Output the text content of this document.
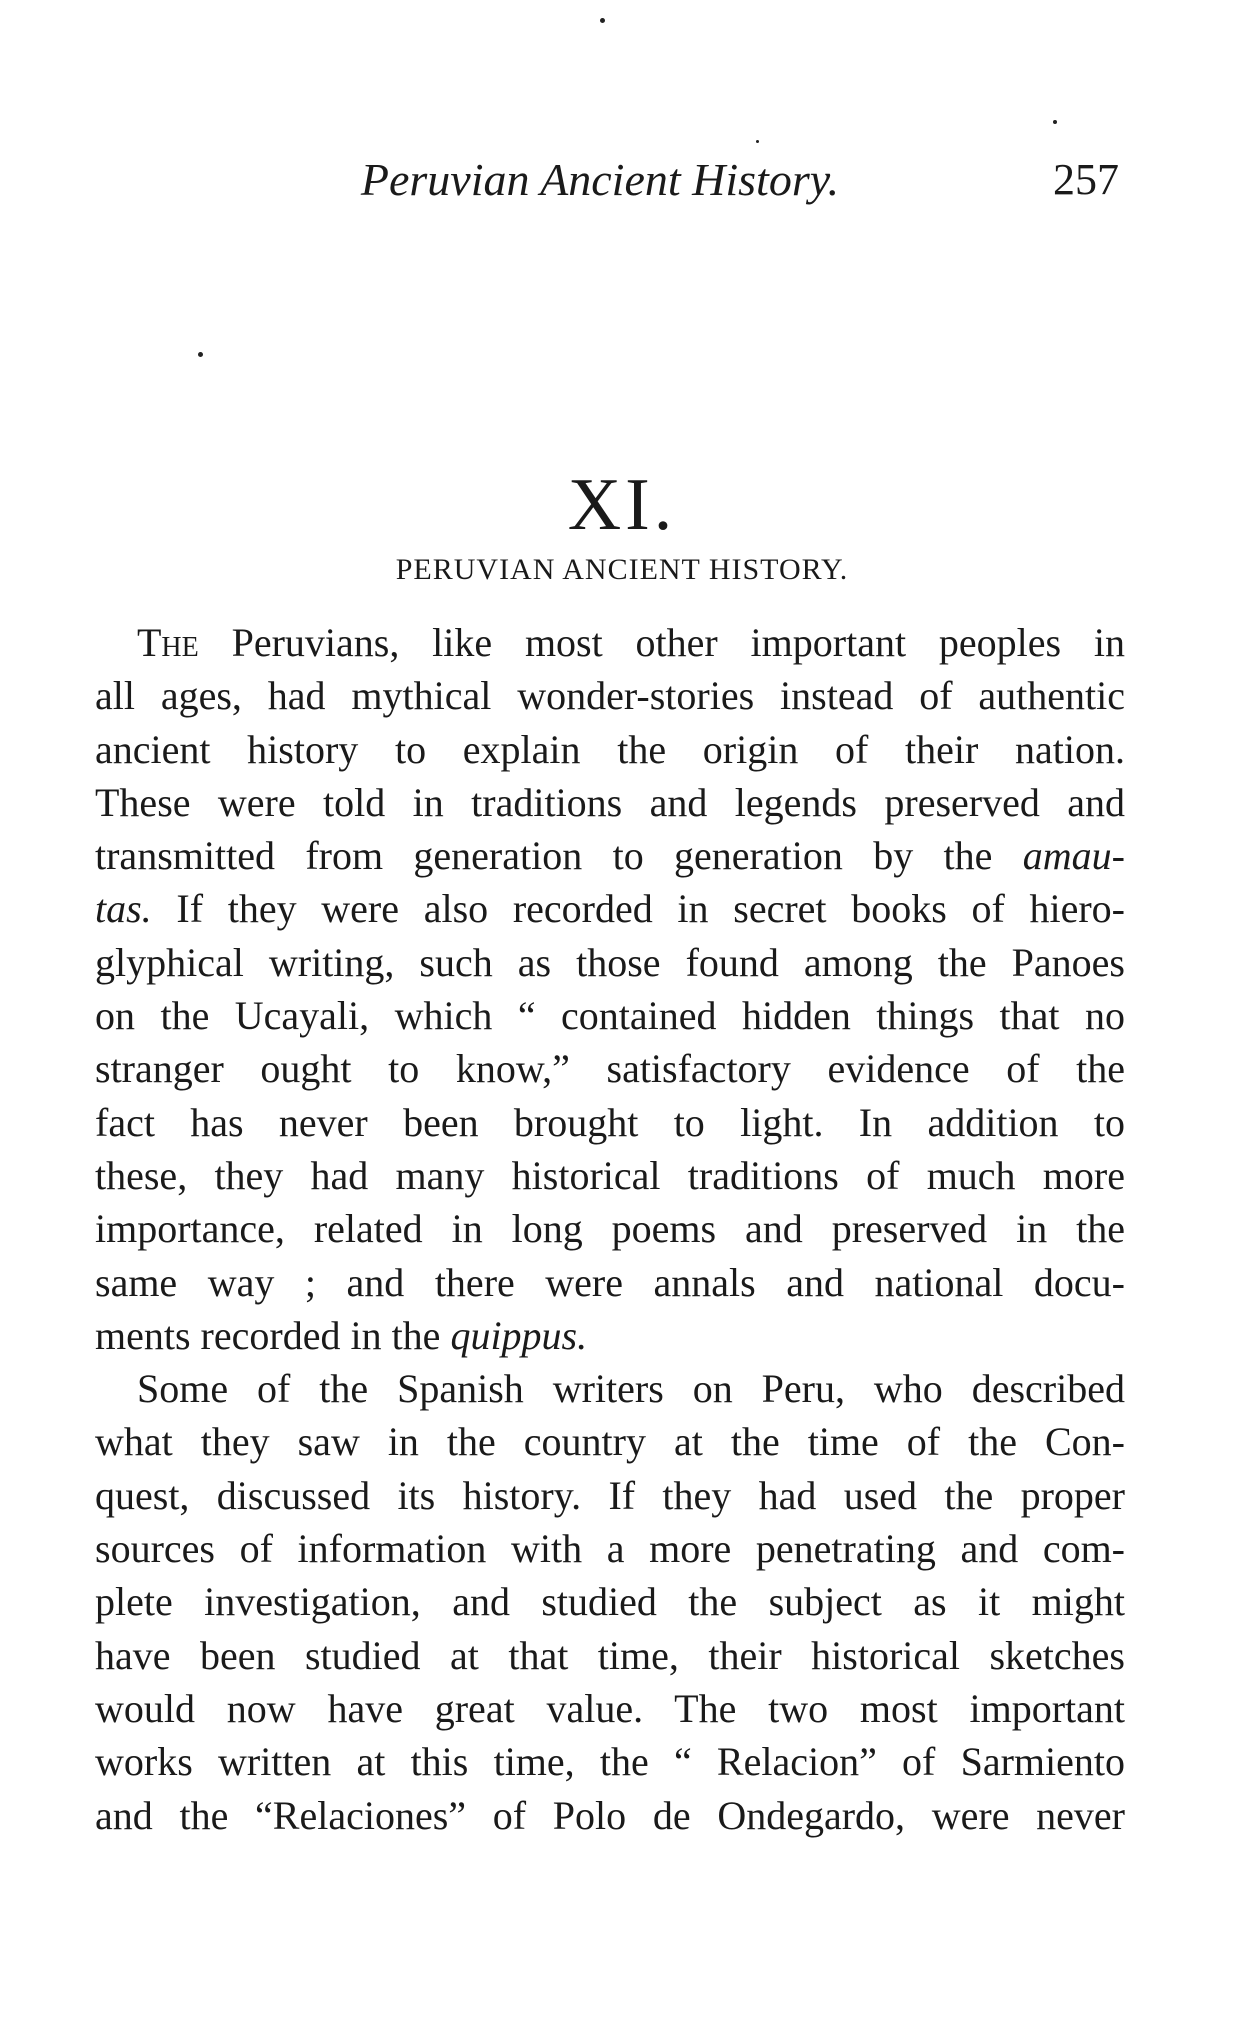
Peruvian Ancient History.	257
XI.
PERUVIAN ANCIENT HISTORY.
The Peruvians, like most other important peoples in
all ages, had mythical wonder-stories instead of authentic
ancient history to explain the origin of their nation.
These were told in traditions and legends preserved and
transmitted from generation to generation by the amau-
tas. If they were also recorded in secret books of hiero-
glyphical writing, such as those found among the Panoes
on the Ucayali, which “ contained hidden things that no
stranger ought to know,” satisfactory evidence of the
fact has never been brought to light. In addition to
these, they had many historical traditions of much more
importance, related in long poems and preserved in the
same way ; and there were annals and national docu-
ments recorded in the quippus.
Some of the Spanish writers on Peru, who described
what they saw in the country at the time of the Con-
quest, discussed its history. If they had used the proper
sources of information with a more penetrating and com-
plete investigation, and studied the subject as it might
have been studied at that time, their historical sketches
would now have great value. The two most important
works written at this time, the “ Relacion” of Sarmiento
and the “Relaciones” of Polo de Ondegardo, were never
